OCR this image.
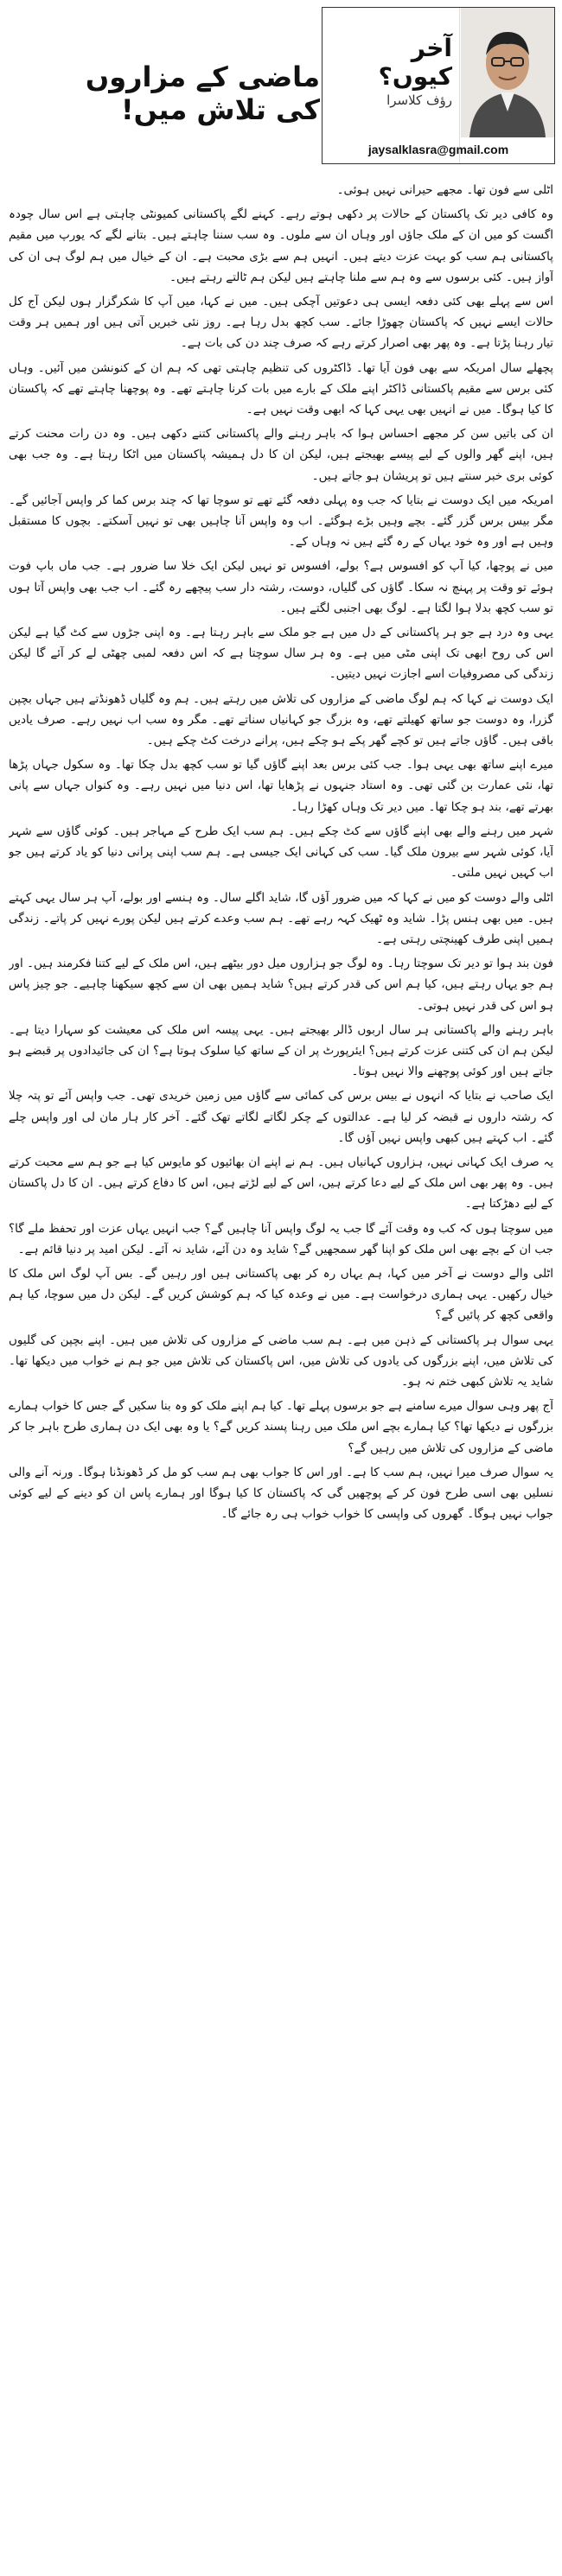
ماضی کے مزاروں کی تلاش میں!
آخر کیوں؟
رؤف کلاسرا
jaysalklasra@gmail.com

اٹلی سے فون تھا۔ مجھے حیرانی نہیں ہوئی۔

وہ کافی دیر تک پاکستان کے حالات پر دکھی ہوتے رہے۔ کہنے لگے پاکستانی کمیونٹی چاہتی ہے اس سال چودہ اگست کو میں ان کے ملک جاؤں اور وہاں ان سے ملوں۔ وہ سب سننا چاہتے ہیں۔ بتانے لگے کہ یورپ میں مقیم پاکستانی ہم سب کو بہت عزت دیتے ہیں۔ انہیں ہم سے بڑی محبت ہے۔ ان کے خیال میں ہم لوگ ہی ان کی آواز ہیں۔ کئی برسوں سے وہ ہم سے ملنا چاہتے ہیں لیکن ہم ٹالتے رہتے ہیں۔

اس سے پہلے بھی کئی دفعہ ایسی ہی دعوتیں آچکی ہیں۔ میں نے کہا، میں آپ کا شکرگزار ہوں لیکن آج کل حالات ایسے نہیں کہ پاکستان چھوڑا جائے۔ سب کچھ بدل رہا ہے۔ روز نئی خبریں آتی ہیں اور ہمیں ہر وقت تیار رہنا پڑتا ہے۔ وہ پھر بھی اصرار کرتے رہے کہ صرف چند دن کی بات ہے۔

پچھلے سال امریکہ سے بھی فون آیا تھا۔ ڈاکٹروں کی تنظیم چاہتی تھی کہ ہم ان کے کنونشن میں آئیں۔ وہاں کئی برس سے مقیم پاکستانی ڈاکٹر اپنے ملک کے بارے میں بات کرنا چاہتے تھے۔ وہ پوچھنا چاہتے تھے کہ پاکستان کا کیا ہوگا۔ میں نے انہیں بھی یہی کہا کہ ابھی وقت نہیں ہے۔

ان کی باتیں سن کر مجھے احساس ہوا کہ باہر رہنے والے پاکستانی کتنے دکھی ہیں۔ وہ دن رات محنت کرتے ہیں، اپنے گھر والوں کے لیے پیسے بھیجتے ہیں، لیکن ان کا دل ہمیشہ پاکستان میں اٹکا رہتا ہے۔ وہ جب بھی کوئی بری خبر سنتے ہیں تو پریشان ہو جاتے ہیں۔

امریکہ میں ایک دوست نے بتایا کہ جب وہ پہلی دفعہ گئے تھے تو سوچا تھا کہ چند برس کما کر واپس آجائیں گے۔ مگر بیس برس گزر گئے۔ بچے وہیں بڑے ہوگئے۔ اب وہ واپس آنا چاہیں بھی تو نہیں آسکتے۔ بچوں کا مستقبل وہیں ہے اور وہ خود یہاں کے رہ گئے ہیں نہ وہاں کے۔

میں نے پوچھا، کیا آپ کو افسوس ہے؟ بولے، افسوس تو نہیں لیکن ایک خلا سا ضرور ہے۔ جب ماں باپ فوت ہوئے تو وقت پر پہنچ نہ سکا۔ گاؤں کی گلیاں، دوست، رشتہ دار سب پیچھے رہ گئے۔ اب جب بھی واپس آتا ہوں تو سب کچھ بدلا ہوا لگتا ہے۔ لوگ بھی اجنبی لگتے ہیں۔

یہی وہ درد ہے جو ہر پاکستانی کے دل میں ہے جو ملک سے باہر رہتا ہے۔ وہ اپنی جڑوں سے کٹ گیا ہے لیکن اس کی روح ابھی تک اپنی مٹی میں ہے۔ وہ ہر سال سوچتا ہے کہ اس دفعہ لمبی چھٹی لے کر آئے گا لیکن زندگی کی مصروفیات اسے اجازت نہیں دیتیں۔

ایک دوست نے کہا کہ ہم لوگ ماضی کے مزاروں کی تلاش میں رہتے ہیں۔ ہم وہ گلیاں ڈھونڈتے ہیں جہاں بچپن گزرا، وہ دوست جو ساتھ کھیلتے تھے، وہ بزرگ جو کہانیاں سناتے تھے۔ مگر وہ سب اب نہیں رہے۔ صرف یادیں باقی ہیں۔ گاؤں جاتے ہیں تو کچے گھر پکے ہو چکے ہیں، پرانے درخت کٹ چکے ہیں۔

میرے اپنے ساتھ بھی یہی ہوا۔ جب کئی برس بعد اپنے گاؤں گیا تو سب کچھ بدل چکا تھا۔ وہ سکول جہاں پڑھا تھا، نئی عمارت بن گئی تھی۔ وہ استاد جنہوں نے پڑھایا تھا، اس دنیا میں نہیں رہے۔ وہ کنواں جہاں سے پانی بھرتے تھے، بند ہو چکا تھا۔ میں دیر تک وہاں کھڑا رہا۔

شہر میں رہنے والے بھی اپنے گاؤں سے کٹ چکے ہیں۔ ہم سب ایک طرح کے مہاجر ہیں۔ کوئی گاؤں سے شہر آیا، کوئی شہر سے بیرون ملک گیا۔ سب کی کہانی ایک جیسی ہے۔ ہم سب اپنی پرانی دنیا کو یاد کرتے ہیں جو اب کہیں نہیں ملتی۔

اٹلی والے دوست کو میں نے کہا کہ میں ضرور آؤں گا، شاید اگلے سال۔ وہ ہنسے اور بولے، آپ ہر سال یہی کہتے ہیں۔ میں بھی ہنس پڑا۔ شاید وہ ٹھیک کہہ رہے تھے۔ ہم سب وعدے کرتے ہیں لیکن پورے نہیں کر پاتے۔ زندگی ہمیں اپنی طرف کھینچتی رہتی ہے۔

فون بند ہوا تو دیر تک سوچتا رہا۔ وہ لوگ جو ہزاروں میل دور بیٹھے ہیں، اس ملک کے لیے کتنا فکرمند ہیں۔ اور ہم جو یہاں رہتے ہیں، کیا ہم اس کی قدر کرتے ہیں؟ شاید ہمیں بھی ان سے کچھ سیکھنا چاہیے۔ جو چیز پاس ہو اس کی قدر نہیں ہوتی۔

باہر رہنے والے پاکستانی ہر سال اربوں ڈالر بھیجتے ہیں۔ یہی پیسہ اس ملک کی معیشت کو سہارا دیتا ہے۔ لیکن ہم ان کی کتنی عزت کرتے ہیں؟ ایئرپورٹ پر ان کے ساتھ کیا سلوک ہوتا ہے؟ ان کی جائیدادوں پر قبضے ہو جاتے ہیں اور کوئی پوچھنے والا نہیں ہوتا۔

ایک صاحب نے بتایا کہ انہوں نے بیس برس کی کمائی سے گاؤں میں زمین خریدی تھی۔ جب واپس آئے تو پتہ چلا کہ رشتہ داروں نے قبضہ کر لیا ہے۔ عدالتوں کے چکر لگاتے لگاتے تھک گئے۔ آخر کار ہار مان لی اور واپس چلے گئے۔ اب کہتے ہیں کبھی واپس نہیں آؤں گا۔

یہ صرف ایک کہانی نہیں، ہزاروں کہانیاں ہیں۔ ہم نے اپنے ان بھائیوں کو مایوس کیا ہے جو ہم سے محبت کرتے ہیں۔ وہ پھر بھی اس ملک کے لیے دعا کرتے ہیں، اس کے لیے لڑتے ہیں، اس کا دفاع کرتے ہیں۔ ان کا دل پاکستان کے لیے دھڑکتا ہے۔

میں سوچتا ہوں کہ کب وہ وقت آئے گا جب یہ لوگ واپس آنا چاہیں گے؟ جب انہیں یہاں عزت اور تحفظ ملے گا؟ جب ان کے بچے بھی اس ملک کو اپنا گھر سمجھیں گے؟ شاید وہ دن آئے، شاید نہ آئے۔ لیکن امید پر دنیا قائم ہے۔

اٹلی والے دوست نے آخر میں کہا، ہم یہاں رہ کر بھی پاکستانی ہیں اور رہیں گے۔ بس آپ لوگ اس ملک کا خیال رکھیں۔ یہی ہماری درخواست ہے۔ میں نے وعدہ کیا کہ ہم کوشش کریں گے۔ لیکن دل میں سوچا، کیا ہم واقعی کچھ کر پائیں گے؟

یہی سوال ہر پاکستانی کے ذہن میں ہے۔ ہم سب ماضی کے مزاروں کی تلاش میں ہیں۔ اپنے بچپن کی گلیوں کی تلاش میں، اپنے بزرگوں کی یادوں کی تلاش میں، اس پاکستان کی تلاش میں جو ہم نے خواب میں دیکھا تھا۔ شاید یہ تلاش کبھی ختم نہ ہو۔

آج پھر وہی سوال میرے سامنے ہے جو برسوں پہلے تھا۔ کیا ہم اپنے ملک کو وہ بنا سکیں گے جس کا خواب ہمارے بزرگوں نے دیکھا تھا؟ کیا ہمارے بچے اس ملک میں رہنا پسند کریں گے؟ یا وہ بھی ایک دن ہماری طرح باہر جا کر ماضی کے مزاروں کی تلاش میں رہیں گے؟

یہ سوال صرف میرا نہیں، ہم سب کا ہے۔ اور اس کا جواب بھی ہم سب کو مل کر ڈھونڈنا ہوگا۔ ورنہ آنے والی نسلیں بھی اسی طرح فون کر کے پوچھیں گی کہ پاکستان کا کیا ہوگا اور ہمارے پاس ان کو دینے کے لیے کوئی جواب نہیں ہوگا۔ گھروں کی واپسی کا خواب خواب ہی رہ جائے گا۔
